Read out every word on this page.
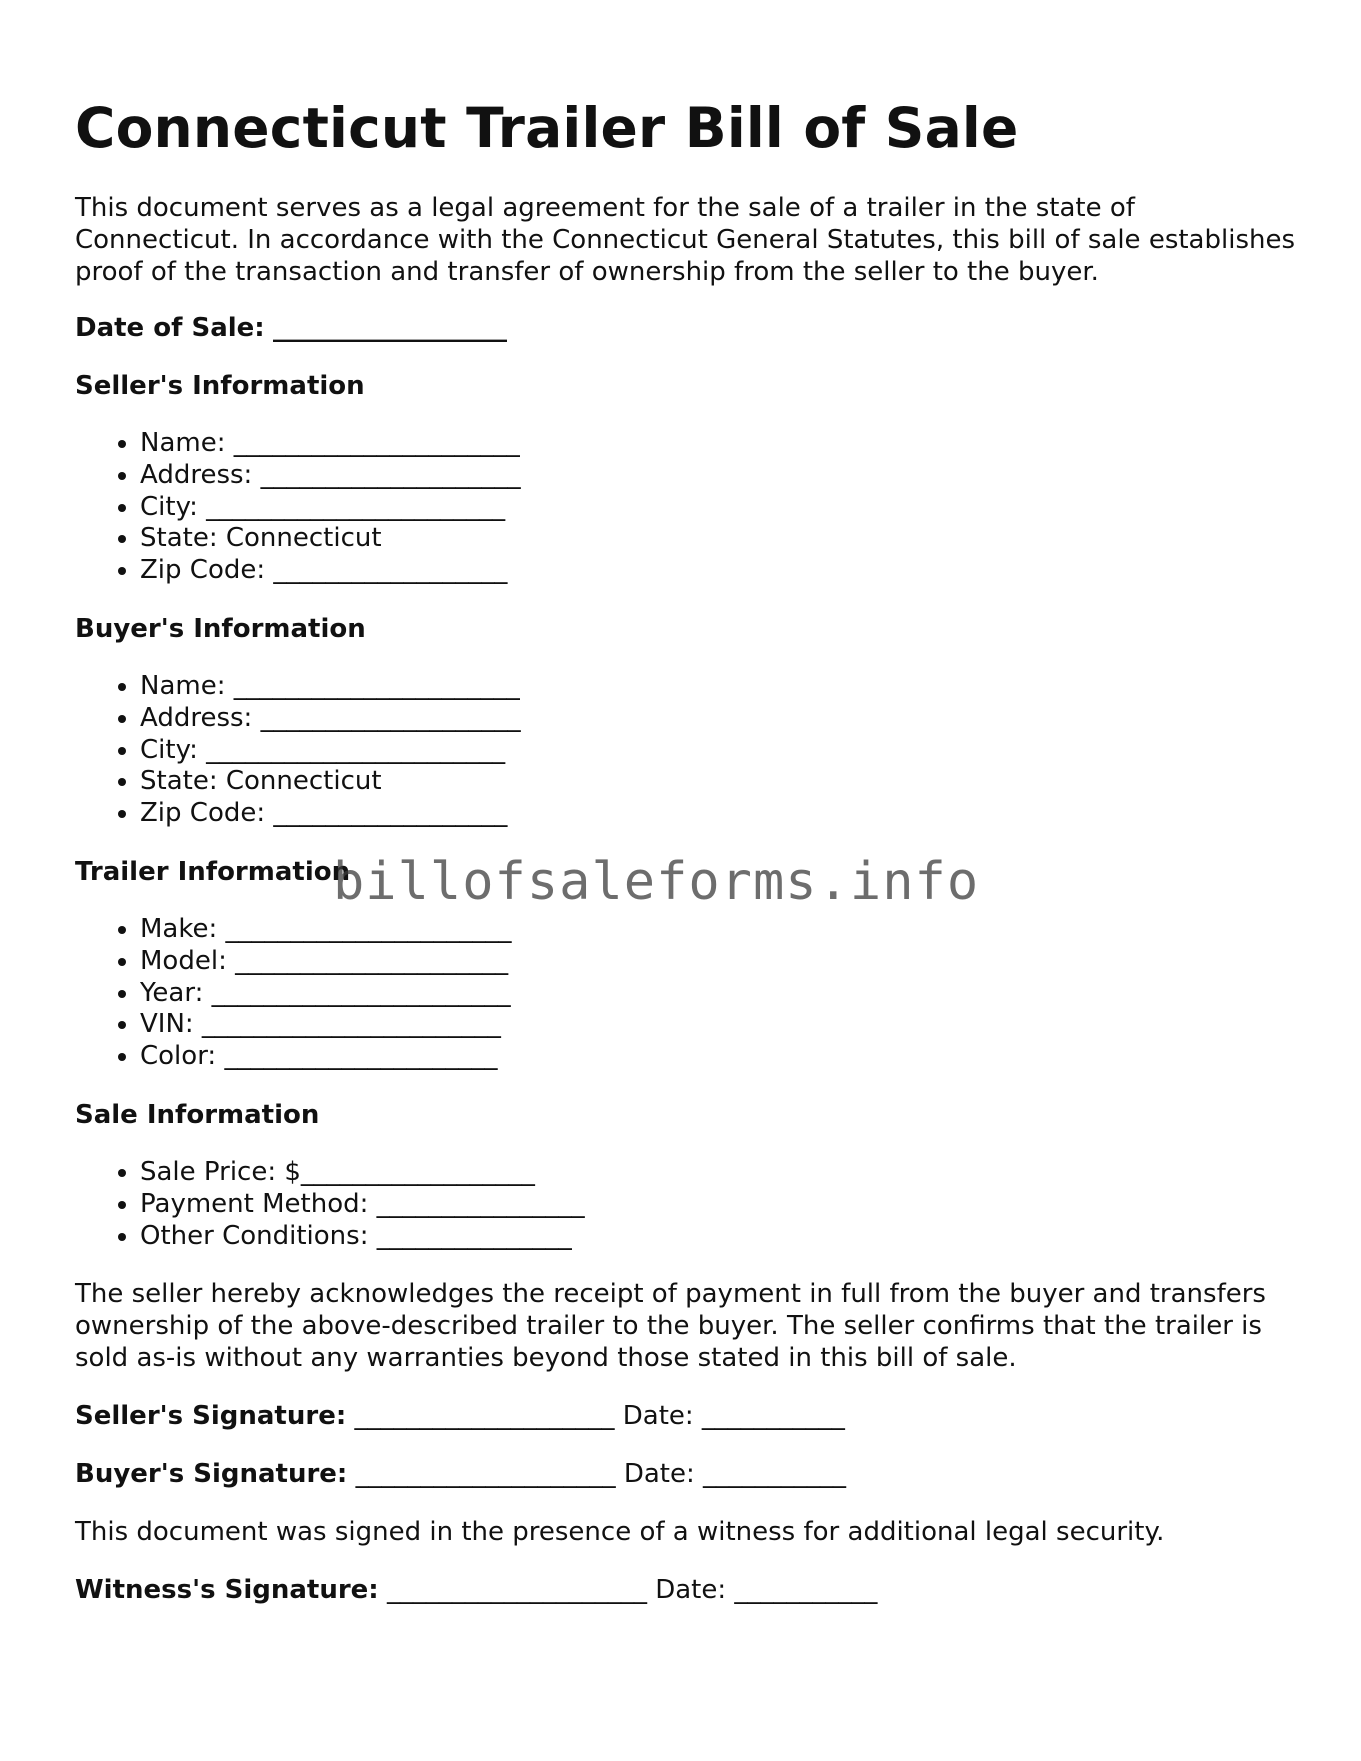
Connecticut Trailer Bill of Sale

This document serves as a legal agreement for the sale of a trailer in the state of Connecticut. In accordance with the Connecticut General Statutes, this bill of sale establishes proof of the transaction and transfer of ownership from the seller to the buyer.

Date of Sale: __________________

Seller's Information
• Name: ______________________
• Address: ____________________
• City: _______________________
• State: Connecticut
• Zip Code: __________________
Buyer's Information
• Name: ______________________
• Address: ____________________
• City: _______________________
• State: Connecticut
• Zip Code: __________________
Trailer Information
• Make: ______________________
• Model: _____________________
• Year: _______________________
• VIN: _______________________
• Color: _____________________
Sale Information
• Sale Price: $__________________
• Payment Method: ________________
• Other Conditions: _______________

The seller hereby acknowledges the receipt of payment in full from the buyer and transfers ownership of the above-described trailer to the buyer. The seller confirms that the trailer is sold as-is without any warranties beyond those stated in this bill of sale.

Seller's Signature: ____________________ Date: ___________

Buyer's Signature: ____________________ Date: ___________

This document was signed in the presence of a witness for additional legal security.

Witness's Signature: ____________________ Date: ___________

billofsaleforms.info
